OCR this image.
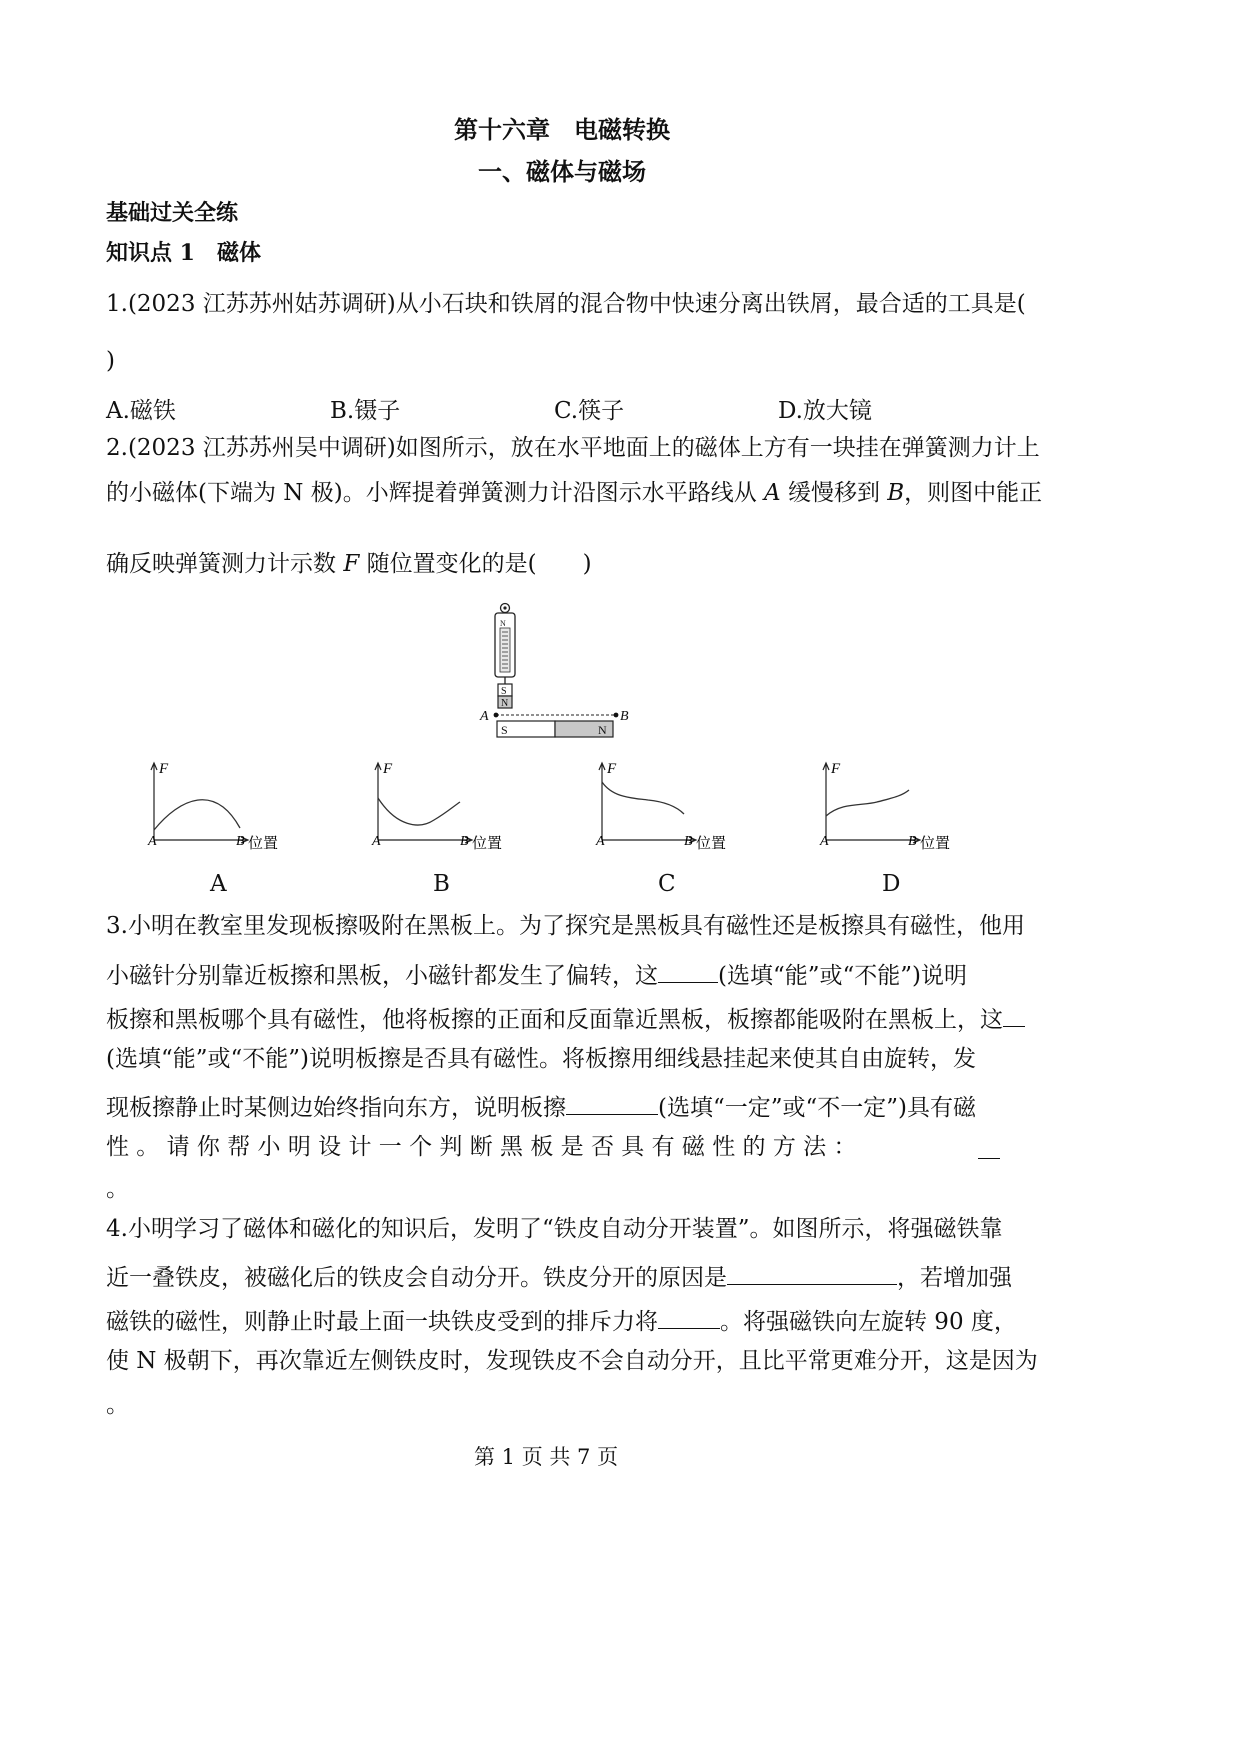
第十六章　电磁转换
一、磁体与磁场
基础过关全练
知识点 1　磁体
1.(2023 江苏苏州姑苏调研)从小石块和铁屑的混合物中快速分离出铁屑，最合适的工具是(
)
A.磁铁	B.镊子	C.筷子	D.放大镜
2.(2023 江苏苏州吴中调研)如图所示，放在水平地面上的磁体上方有一块挂在弹簧测力计上
的小磁体(下端为 N 极)。小辉提着弹簧测力计沿图示水平路线从 A 缓慢移到 B，则图中能正
确反映弹簧测力计示数 F 随位置变化的是(　　)
N
S
N
A	B
S	N
F
A	B 位置
F
A	B 位置
F
A	B 位置
F
A	B 位置
A	B	C	D
3.小明在教室里发现板擦吸附在黑板上。为了探究是黑板具有磁性还是板擦具有磁性，他用
小磁针分别靠近板擦和黑板，小磁针都发生了偏转，这	(选填“能”或“不能”)说明
板擦和黑板哪个具有磁性，他将板擦的正面和反面靠近黑板，板擦都能吸附在黑板上，这
(选填“能”或“不能”)说明板擦是否具有磁性。将板擦用细线悬挂起来使其自由旋转，发
现板擦静止时某侧边始终指向东方，说明板擦	(选填“一定”或“不一定”)具有磁
性 。 请 你 帮 小 明 设 计 一 个 判 断 黑 板 是 否 具 有 磁 性 的 方 法 ：
。
4.小明学习了磁体和磁化的知识后，发明了“铁皮自动分开装置”。如图所示，将强磁铁靠
近一叠铁皮，被磁化后的铁皮会自动分开。铁皮分开的原因是	，若增加强
磁铁的磁性，则静止时最上面一块铁皮受到的排斥力将	。将强磁铁向左旋转 90 度，
使 N 极朝下，再次靠近左侧铁皮时，发现铁皮不会自动分开，且比平常更难分开，这是因为
。
第 1 页 共 7 页
